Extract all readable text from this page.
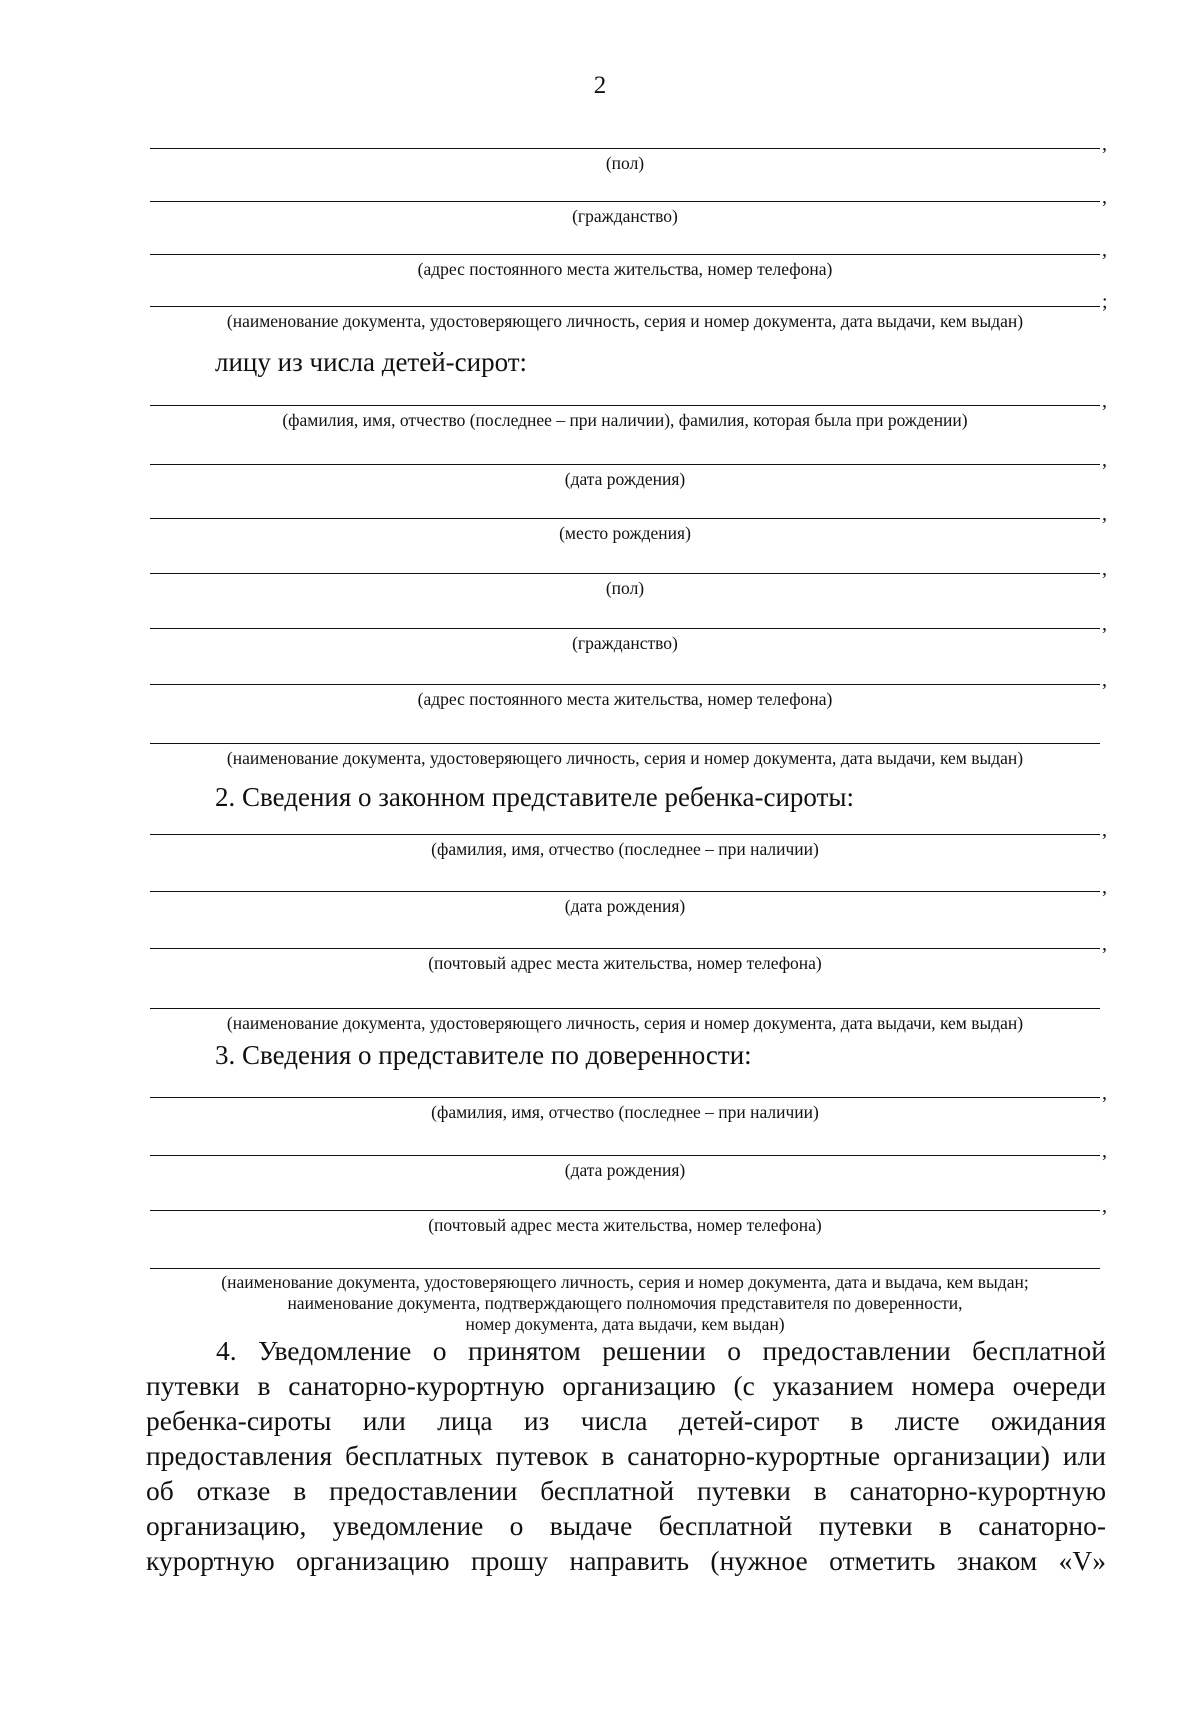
2
,
(пол)
,
(гражданство)
,
(адрес постоянного места жительства, номер телефона)
;
(наименование документа, удостоверяющего личность, серия и номер документа, дата выдачи, кем выдан)
лицу из числа детей-сирот:
,
(фамилия, имя, отчество (последнее – при наличии), фамилия, которая была при рождении)
,
(дата рождения)
,
(место рождения)
,
(пол)
,
(гражданство)
,
(адрес постоянного места жительства, номер телефона)
(наименование документа, удостоверяющего личность, серия и номер документа, дата выдачи, кем выдан)
2. Сведения о законном представителе ребенка-сироты:
,
(фамилия, имя, отчество (последнее – при наличии)
,
(дата рождения)
,
(почтовый адрес места жительства, номер телефона)
(наименование документа, удостоверяющего личность, серия и номер документа, дата выдачи, кем выдан)
3. Сведения о представителе по доверенности:
,
(фамилия, имя, отчество (последнее – при наличии)
,
(дата рождения)
,
(почтовый адрес места жительства, номер телефона)
(наименование документа, удостоверяющего личность, серия и номер документа, дата и выдача, кем выдан;
наименование документа, подтверждающего полномочия представителя по доверенности,
номер документа, дата выдачи, кем выдан)
4. Уведомление о принятом решении о предоставлении бесплатной
путевки в санаторно-курортную организацию (с указанием номера очереди
ребенка-сироты или лица из числа детей-сирот в листе ожидания
предоставления бесплатных путевок в санаторно-курортные организации) или
об отказе в предоставлении бесплатной путевки в санаторно-курортную
организацию, уведомление о выдаче бесплатной путевки в санаторно-
курортную организацию прошу направить (нужное отметить знаком «V»
